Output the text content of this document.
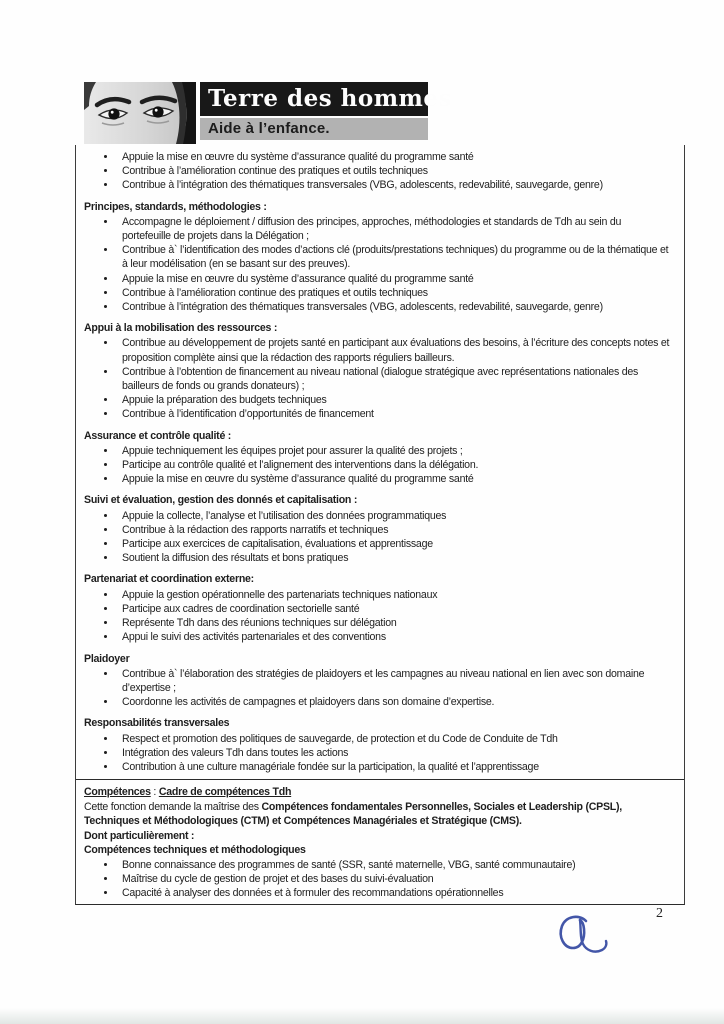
Terre des hommes
Aide à l’enfance.
• Appuie la mise en œuvre du système d’assurance qualité du programme santé
• Contribue à l’amélioration continue des pratiques et outils techniques
• Contribue à l’intégration des thématiques transversales (VBG, adolescents, redevabilité, sauvegarde, genre)
Principes, standards, méthodologies :
• Accompagne le déploiement / diffusion des principes, approches, méthodologies et standards de Tdh au sein du portefeuille de projets dans la Délégation ;
• Contribue à` l’identification des modes d’actions clé (produits/prestations techniques) du programme ou de la thématique et à leur modélisation (en se basant sur des preuves).
• Appuie la mise en œuvre du système d’assurance qualité du programme santé
• Contribue à l’amélioration continue des pratiques et outils techniques
• Contribue à l’intégration des thématiques transversales (VBG, adolescents, redevabilité, sauvegarde, genre)
Appui à la mobilisation des ressources :
• Contribue au développement de projets santé en participant aux évaluations des besoins, à l’écriture des concepts notes et proposition complète ainsi que la rédaction des rapports réguliers bailleurs.
• Contribue à l’obtention de financement au niveau national (dialogue stratégique avec représentations nationales des bailleurs de fonds ou grands donateurs) ;
• Appuie la préparation des budgets techniques
• Contribue à l’identification d’opportunités de financement
Assurance et contrôle qualité :
• Appuie techniquement les équipes projet pour assurer la qualité des projets ;
• Participe au contrôle qualité et l’alignement des interventions dans la délégation.
• Appuie la mise en œuvre du système d’assurance qualité du programme santé
Suivi et évaluation, gestion des donnés et capitalisation :
• Appuie la collecte, l’analyse et l’utilisation des données programmatiques
• Contribue à la rédaction des rapports narratifs et techniques
• Participe aux exercices de capitalisation, évaluations et apprentissage
• Soutient la diffusion des résultats et bons pratiques
Partenariat et coordination externe:
• Appuie la gestion opérationnelle des partenariats techniques nationaux
• Participe aux cadres de coordination sectorielle santé
• Représente Tdh dans des réunions techniques sur délégation
• Appui le suivi des activités partenariales et des conventions
Plaidoyer
• Contribue à` l’élaboration des stratégies de plaidoyers et les campagnes au niveau national en lien avec son domaine d’expertise ;
• Coordonne les activités de campagnes et plaidoyers dans son domaine d’expertise.
Responsabilités transversales
• Respect et promotion des politiques de sauvegarde, de protection et du Code de Conduite de Tdh
• Intégration des valeurs Tdh dans toutes les actions
• Contribution à une culture managériale fondée sur la participation, la qualité et l’apprentissage
Compétences : Cadre de compétences Tdh
Cette fonction demande la maîtrise des Compétences fondamentales Personnelles, Sociales et Leadership (CPSL), Techniques et Méthodologiques (CTM) et Compétences Managériales et Stratégique (CMS).
Dont particulièrement :
Compétences techniques et méthodologiques
• Bonne connaissance des programmes de santé (SSR, santé maternelle, VBG, santé communautaire)
• Maîtrise du cycle de gestion de projet et des bases du suivi-évaluation
• Capacité à analyser des données et à formuler des recommandations opérationnelles
2
